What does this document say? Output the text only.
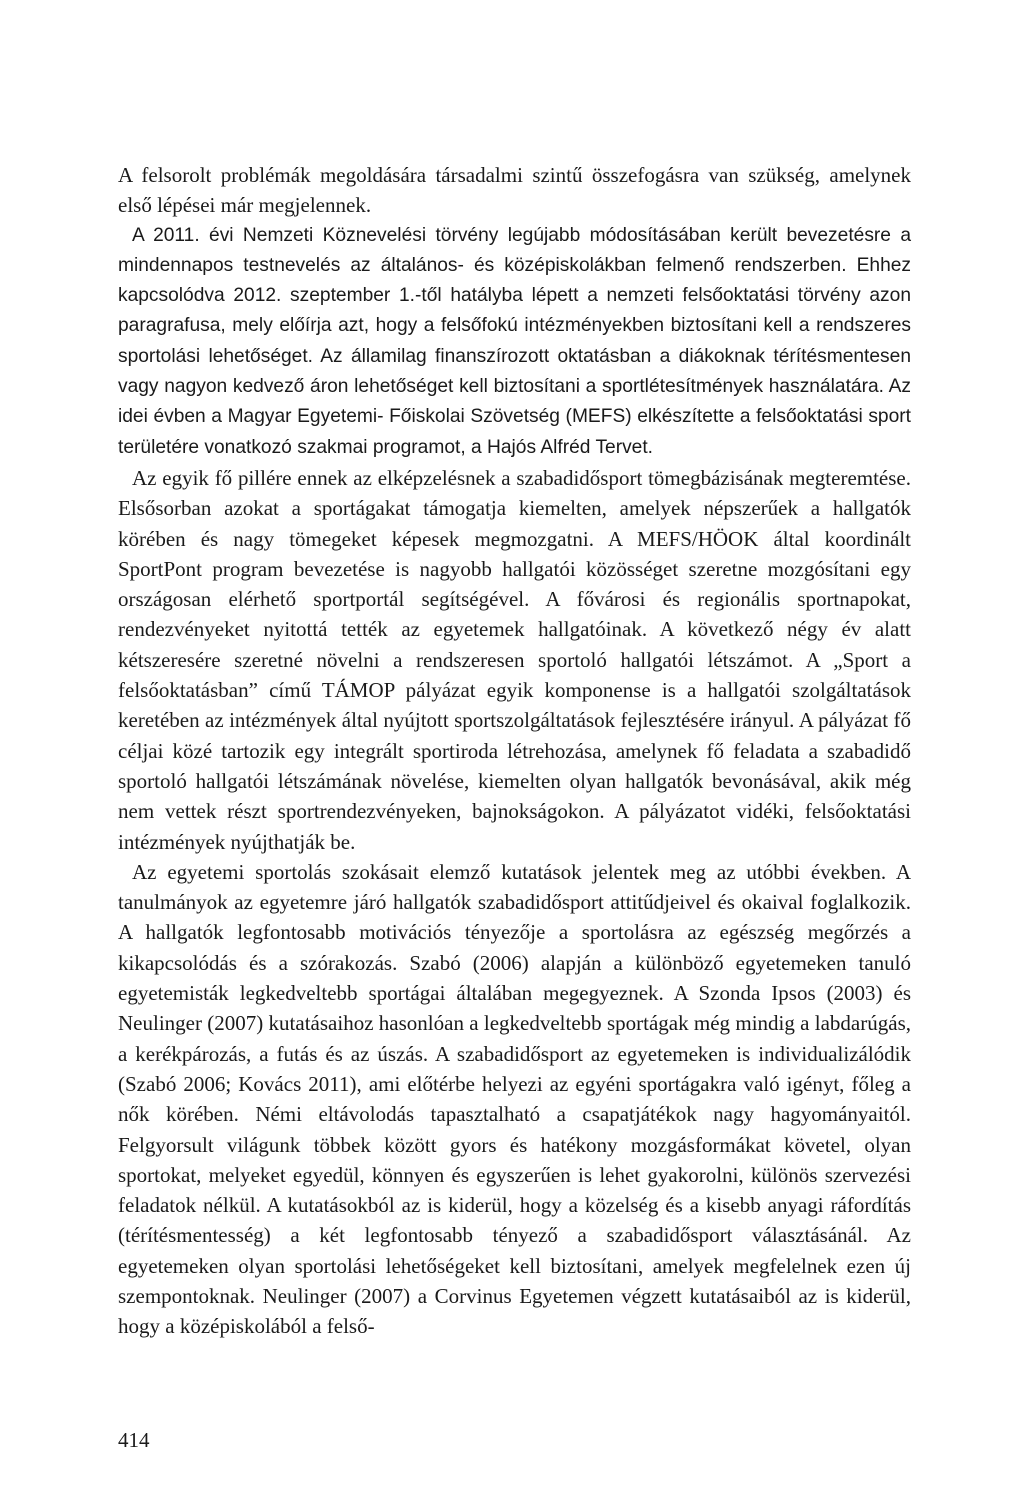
A felsorolt problémák megoldására társadalmi szintű összefogásra van szükség, amelynek első lépései már megjelennek.

A 2011. évi Nemzeti Köznevelési törvény legújabb módosításában került bevezetésre a mindennapos testnevelés az általános- és középiskolákban felmenő rendszerben. Ehhez kapcsolódva 2012. szeptember 1.-től hatályba lépett a nemzeti felsőoktatási törvény azon paragrafusa, mely előírja azt, hogy a felsőfokú intézményekben biztosítani kell a rendszeres sportolási lehetőséget. Az államilag finanszírozott oktatásban a diákoknak térítésmentesen vagy nagyon kedvező áron lehetőséget kell biztosítani a sportlétesítmények használatára. Az idei évben a Magyar Egyetemi- Főiskolai Szövetség (MEFS) elkészítette a felsőoktatási sport területére vonatkozó szakmai programot, a Hajós Alfréd Tervet.

Az egyik fő pillére ennek az elképzelésnek a szabadidősport tömegbázisának megteremtése. Elsősorban azokat a sportágakat támogatja kiemelten, amelyek népszerűek a hallgatók körében és nagy tömegeket képesek megmozgatni. A MEFS/HÖOK által koordinált SportPont program bevezetése is nagyobb hallgatói közösséget szeretne mozgósítani egy országosan elérhető sportportál segítségével. A fővárosi és regionális sportnapokat, rendezvényeket nyitottá tették az egyetemek hallgatóinak. A következő négy év alatt kétszeresére szeretné növelni a rendszeresen sportoló hallgatói létszámot. A „Sport a felsőoktatásban” című TÁMOP pályázat egyik komponense is a hallgatói szolgáltatások keretében az intézmények által nyújtott sportszolgáltatások fejlesztésére irányul. A pályázat fő céljai közé tartozik egy integrált sportiroda létrehozása, amelynek fő feladata a szabadidő sportoló hallgatói létszámának növelése, kiemelten olyan hallgatók bevonásával, akik még nem vettek részt sportrendezvényeken, bajnokságokon. A pályázatot vidéki, felsőoktatási intézmények nyújthatják be.

Az egyetemi sportolás szokásait elemző kutatások jelentek meg az utóbbi években. A tanulmányok az egyetemre járó hallgatók szabadidősport attitűdjeivel és okaival foglalkozik. A hallgatók legfontosabb motivációs tényezője a sportolásra az egészség megőrzés a kikapcsolódás és a szórakozás. Szabó (2006) alapján a különböző egyetemeken tanuló egyetemisták legkedveltebb sportágai általában megegyeznek. A Szonda Ipsos (2003) és Neulinger (2007) kutatásaihoz hasonlóan a legkedveltebb sportágak még mindig a labdarúgás, a kerékpározás, a futás és az úszás. A szabadidősport az egyetemeken is individualizálódik (Szabó 2006; Kovács 2011), ami előtérbe helyezi az egyéni sportágakra való igényt, főleg a nők körében. Némi eltávolodás tapasztalható a csapatjátékok nagy hagyományaitól. Felgyorsult világunk többek között gyors és hatékony mozgásformákat követel, olyan sportokat, melyeket egyedül, könnyen és egyszerűen is lehet gyakorolni, különös szervezési feladatok nélkül. A kutatásokból az is kiderül, hogy a közelség és a kisebb anyagi ráfordítás (térítésmentesség) a két legfontosabb tényező a szabadidősport választásánál. Az egyetemeken olyan sportolási lehetőségeket kell biztosítani, amelyek megfelelnek ezen új szempontoknak. Neulinger (2007) a Corvinus Egyetemen végzett kutatásaiból az is kiderül, hogy a középiskolából a felső-

414
